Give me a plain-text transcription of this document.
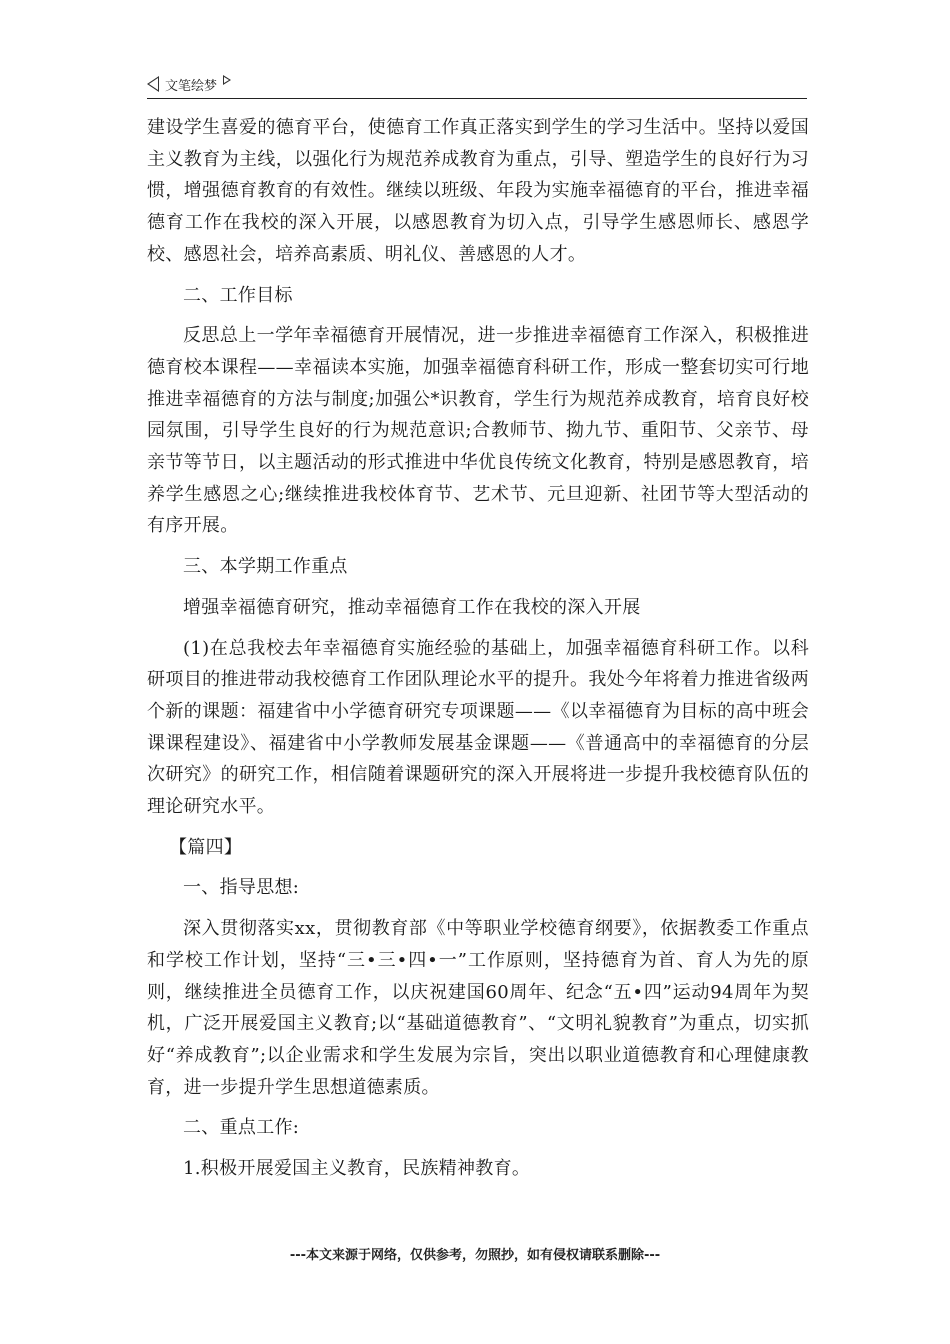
文笔绘梦

建设学生喜爱的德育平台，使德育工作真正落实到学生的学习生活中。坚持以爱国主义教育为主线，以强化行为规范养成教育为重点，引导、塑造学生的良好行为习惯，增强德育教育的有效性。继续以班级、年段为实施幸福德育的平台，推进幸福德育工作在我校的深入开展，以感恩教育为切入点，引导学生感恩师长、感恩学校、感恩社会，培养高素质、明礼仪、善感恩的人才。

二、工作目标

反思总上一学年幸福德育开展情况，进一步推进幸福德育工作深入，积极推进德育校本课程——幸福读本实施，加强幸福德育科研工作，形成一整套切实可行地推进幸福德育的方法与制度;加强公*识教育，学生行为规范养成教育，培育良好校园氛围，引导学生良好的行为规范意识;合教师节、拗九节、重阳节、父亲节、母亲节等节日，以主题活动的形式推进中华优良传统文化教育，特别是感恩教育，培养学生感恩之心;继续推进我校体育节、艺术节、元旦迎新、社团节等大型活动的有序开展。

三、本学期工作重点

增强幸福德育研究，推动幸福德育工作在我校的深入开展

(1)在总我校去年幸福德育实施经验的基础上，加强幸福德育科研工作。以科研项目的推进带动我校德育工作团队理论水平的提升。我处今年将着力推进省级两个新的课题：福建省中小学德育研究专项课题——《以幸福德育为目标的高中班会课课程建设》、福建省中小学教师发展基金课题——《普通高中的幸福德育的分层次研究》的研究工作，相信随着课题研究的深入开展将进一步提升我校德育队伍的理论研究水平。

【篇四】

一、指导思想:

深入贯彻落实xx，贯彻教育部《中等职业学校德育纲要》，依据教委工作重点和学校工作计划，坚持“三•三•四•一”工作原则，坚持德育为首、育人为先的原则，继续推进全员德育工作，以庆祝建国60周年、纪念“五•四”运动94周年为契机，广泛开展爱国主义教育;以“基础道德教育”、“文明礼貌教育”为重点，切实抓好“养成教育”;以企业需求和学生发展为宗旨，突出以职业道德教育和心理健康教育，进一步提升学生思想道德素质。

二、重点工作:

1.积极开展爱国主义教育，民族精神教育。

---本文来源于网络，仅供参考，勿照抄，如有侵权请联系删除---
